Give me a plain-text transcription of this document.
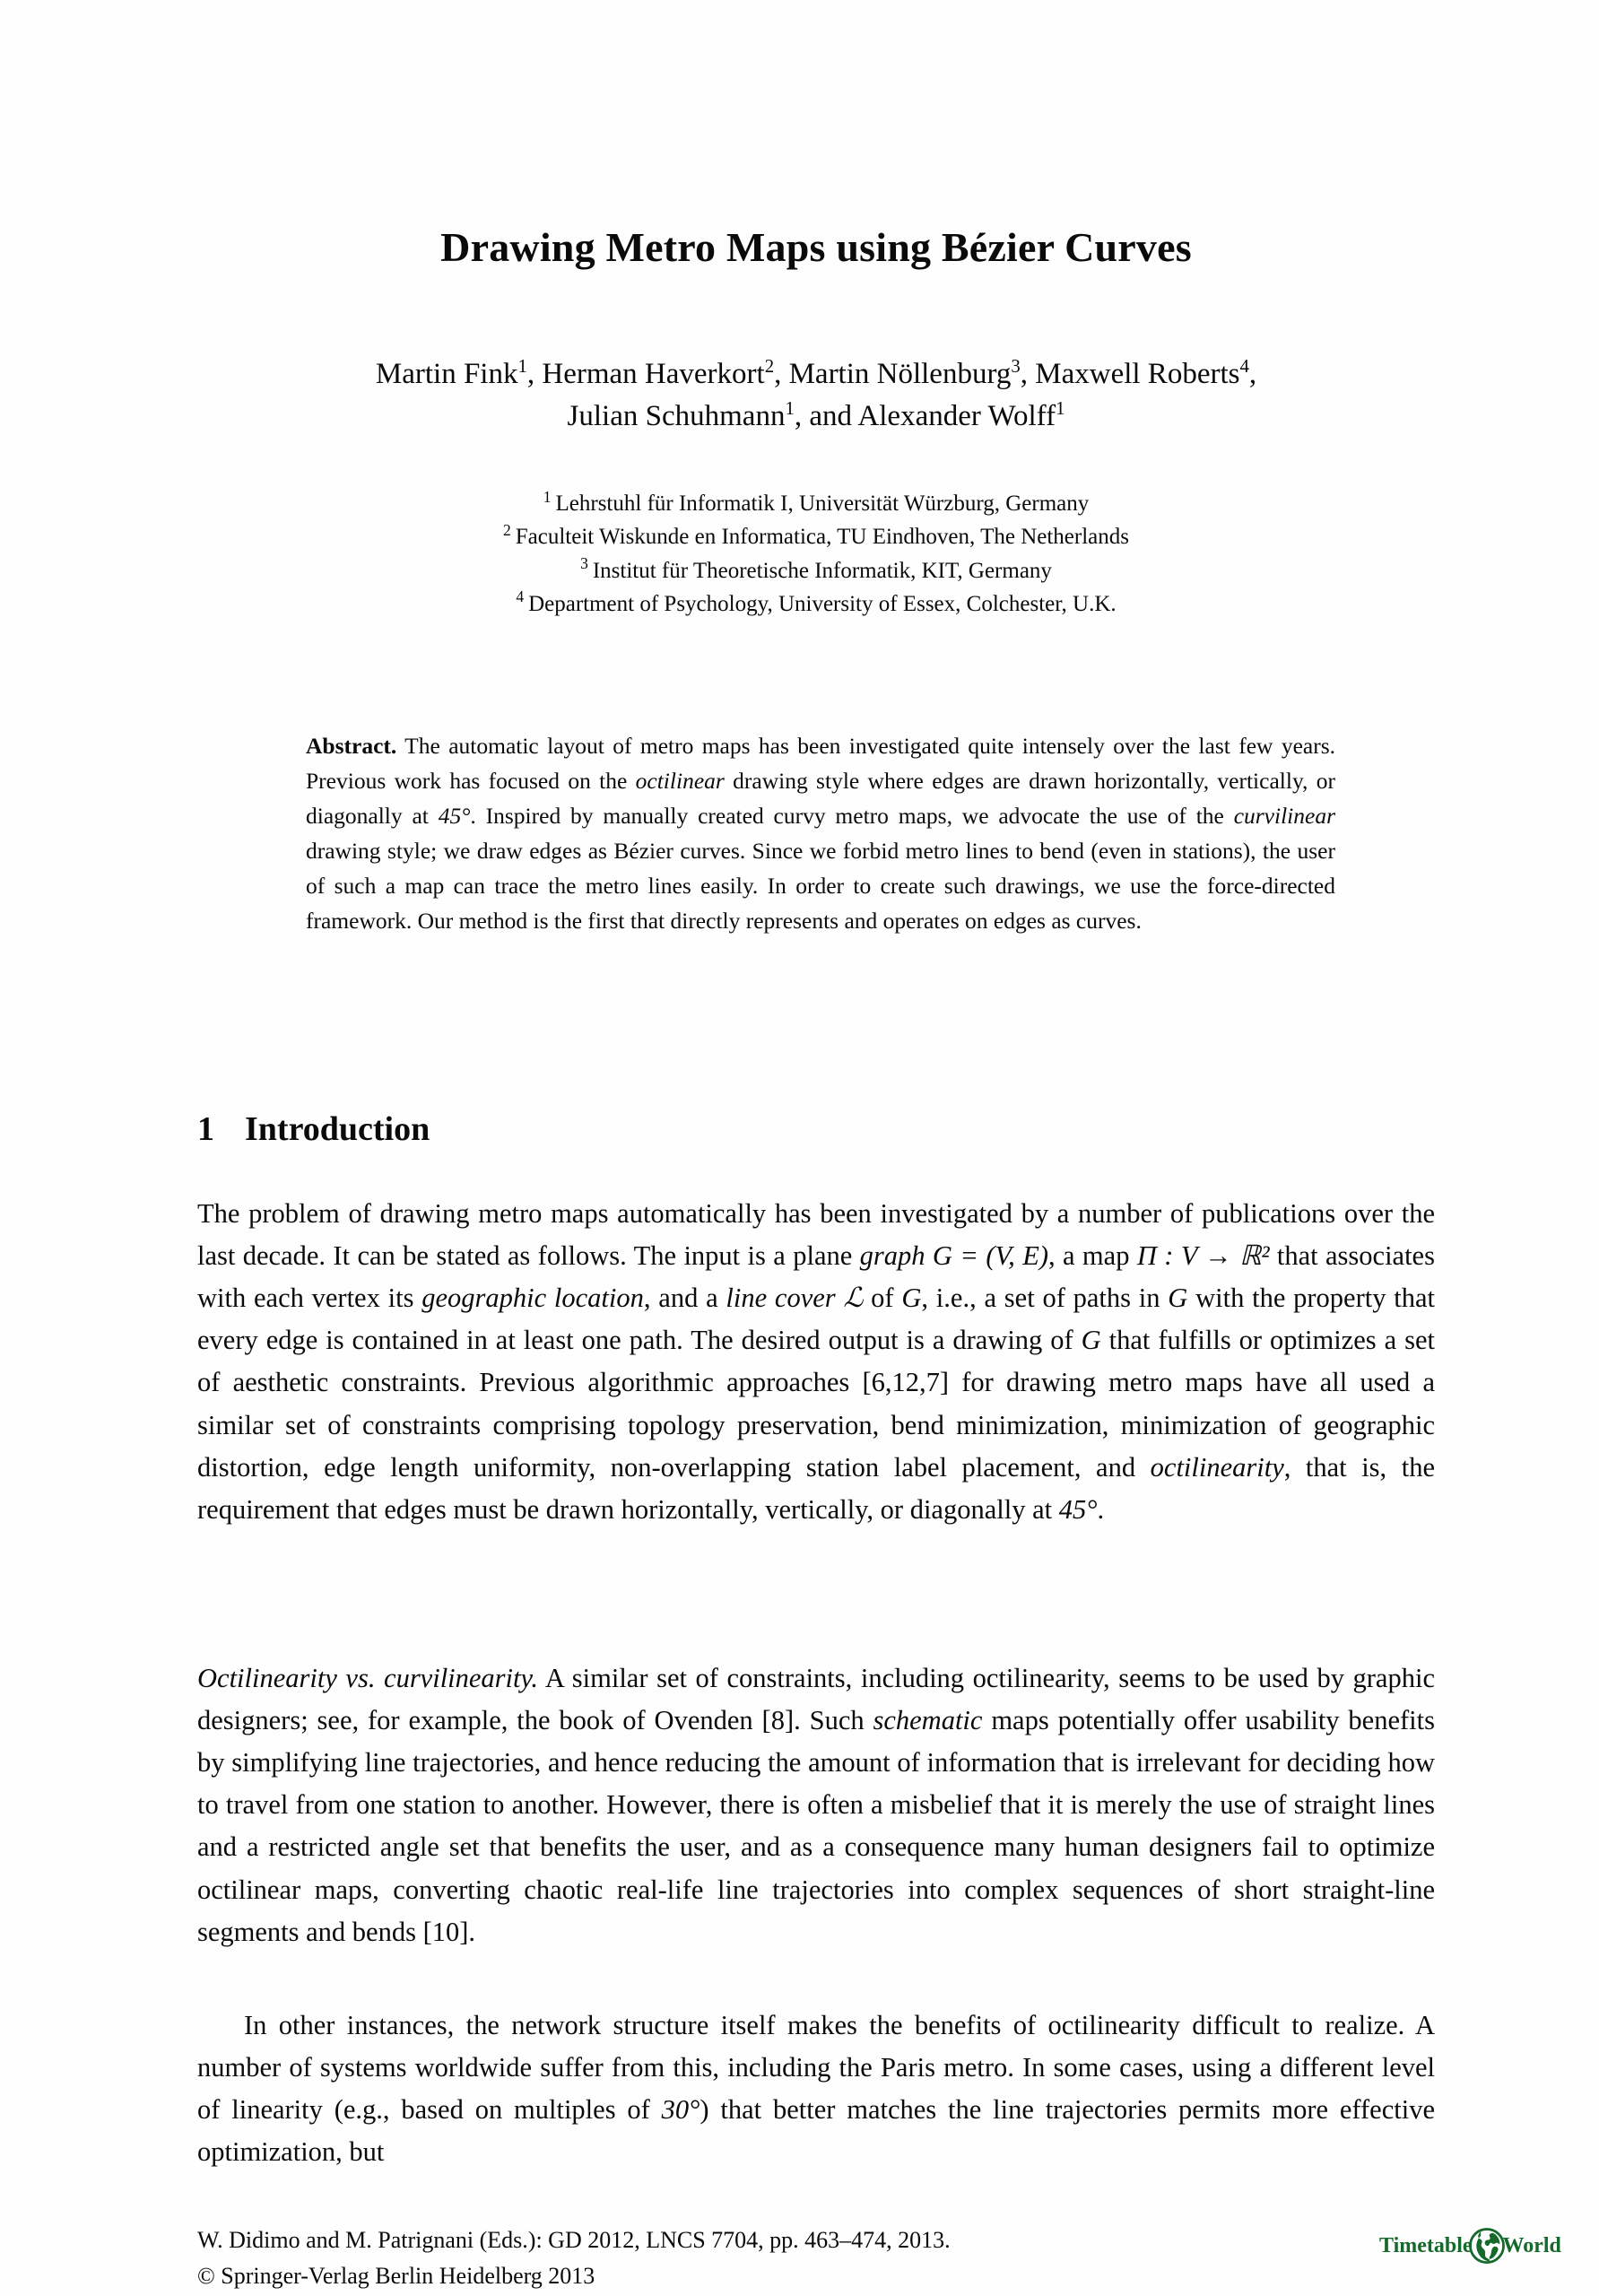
Drawing Metro Maps using Bézier Curves
Martin Fink$^1$, Herman Haverkort$^2$, Martin Nöllenburg$^3$, Maxwell Roberts$^4$,
Julian Schuhmann$^1$, and Alexander Wolff$^1$
$^1$ Lehrstuhl für Informatik I, Universität Würzburg, Germany
$^2$ Faculteit Wiskunde en Informatica, TU Eindhoven, The Netherlands
$^3$ Institut für Theoretische Informatik, KIT, Germany
$^4$ Department of Psychology, University of Essex, Colchester, U.K.
Abstract. The automatic layout of metro maps has been investigated quite intensely over the last few years. Previous work has focused on the octilinear drawing style where edges are drawn horizontally, vertically, or diagonally at 45°. Inspired by manually created curvy metro maps, we advocate the use of the curvilinear drawing style; we draw edges as Bézier curves. Since we forbid metro lines to bend (even in stations), the user of such a map can trace the metro lines easily. In order to create such drawings, we use the force-directed framework. Our method is the first that directly represents and operates on edges as curves.
1 Introduction
The problem of drawing metro maps automatically has been investigated by a number of publications over the last decade. It can be stated as follows. The input is a plane graph G = (V, E), a map Π : V → ℝ² that associates with each vertex its geographic location, and a line cover ℒ of G, i.e., a set of paths in G with the property that every edge is contained in at least one path. The desired output is a drawing of G that fulfills or optimizes a set of aesthetic constraints. Previous algorithmic approaches [6,12,7] for drawing metro maps have all used a similar set of constraints comprising topology preservation, bend minimization, minimization of geographic distortion, edge length uniformity, non-overlapping station label placement, and octilinearity, that is, the requirement that edges must be drawn horizontally, vertically, or diagonally at 45°.
Octilinearity vs. curvilinearity. A similar set of constraints, including octilinearity, seems to be used by graphic designers; see, for example, the book of Ovenden [8]. Such schematic maps potentially offer usability benefits by simplifying line trajectories, and hence reducing the amount of information that is irrelevant for deciding how to travel from one station to another. However, there is often a misbelief that it is merely the use of straight lines and a restricted angle set that benefits the user, and as a consequence many human designers fail to optimize octilinear maps, converting chaotic real-life line trajectories into complex sequences of short straight-line segments and bends [10].
In other instances, the network structure itself makes the benefits of octilinearity difficult to realize. A number of systems worldwide suffer from this, including the Paris metro. In some cases, using a different level of linearity (e.g., based on multiples of 30°) that better matches the line trajectories permits more effective optimization, but
W. Didimo and M. Patrignani (Eds.): GD 2012, LNCS 7704, pp. 463–474, 2013.
© Springer-Verlag Berlin Heidelberg 2013
Timetable World
